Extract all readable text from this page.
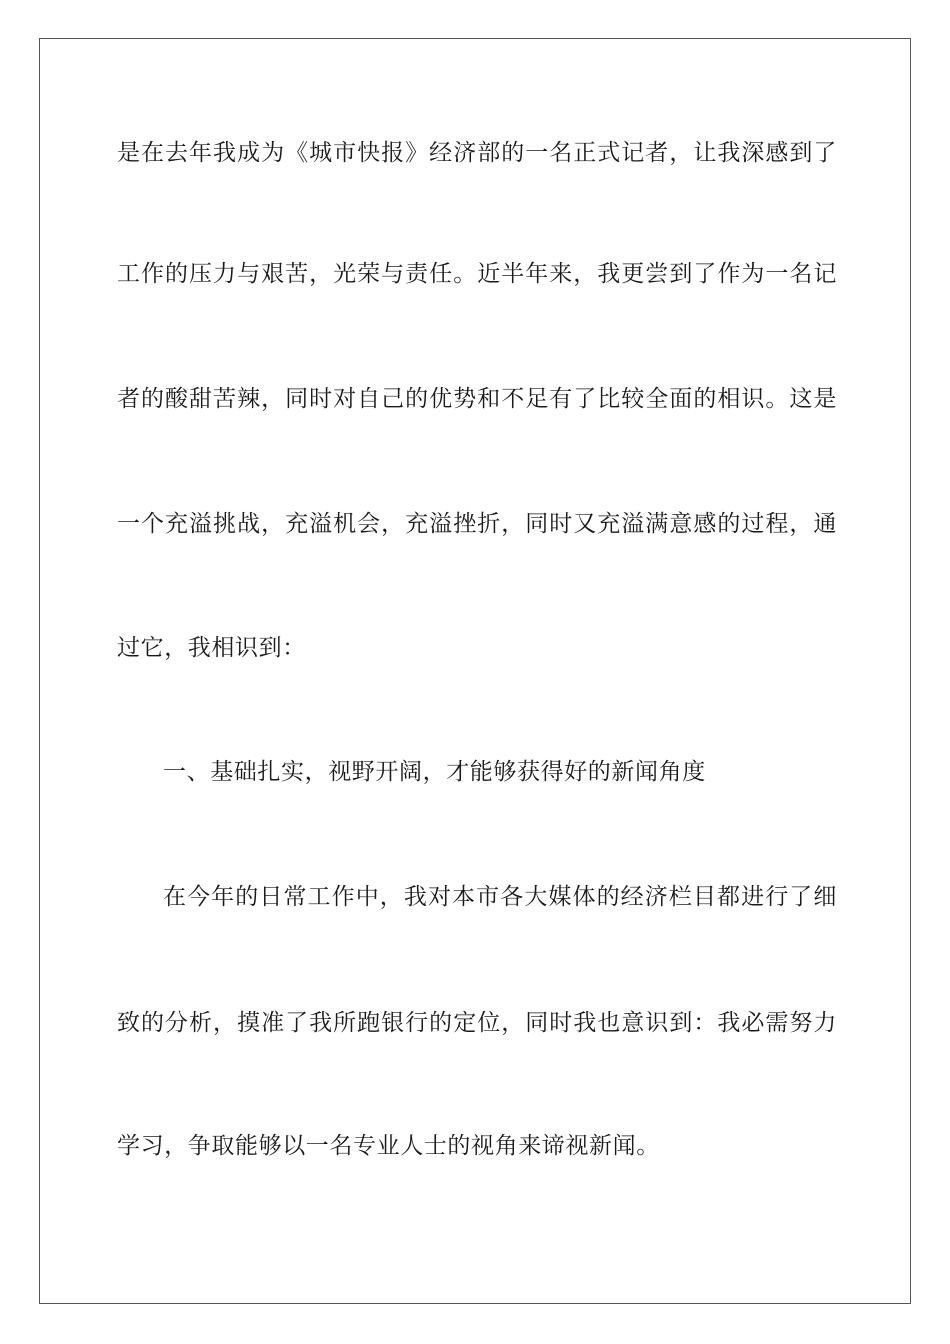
是在去年我成为《城市快报》经济部的一名正式记者，让我深感到了
工作的压力与艰苦，光荣与责任。近半年来，我更尝到了作为一名记
者的酸甜苦辣，同时对自己的优势和不足有了比较全面的相识。这是
一个充溢挑战，充溢机会，充溢挫折，同时又充溢满意感的过程，通
过它，我相识到：
一、基础扎实，视野开阔，才能够获得好的新闻角度
在今年的日常工作中，我对本市各大媒体的经济栏目都进行了细
致的分析，摸准了我所跑银行的定位，同时我也意识到：我必需努力
学习，争取能够以一名专业人士的视角来谛视新闻。
